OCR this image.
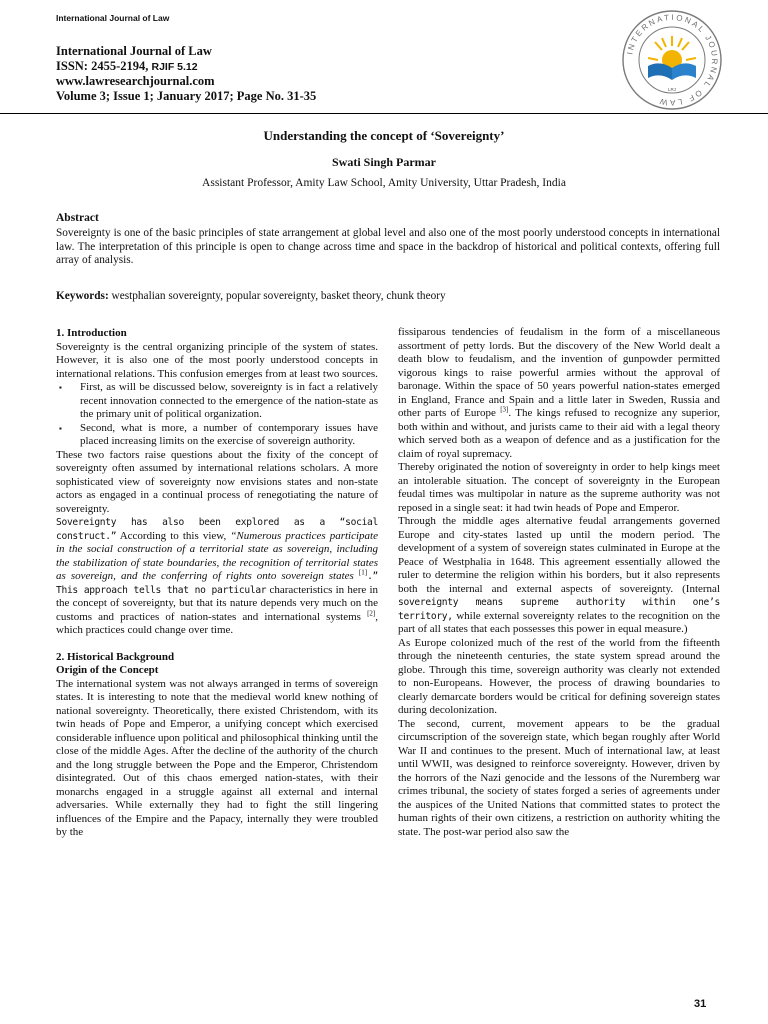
International Journal of Law
International Journal of Law
ISSN: 2455-2194, RJIF 5.12
www.lawresearchjournal.com
Volume 3; Issue 1; January 2017; Page No. 31-35
INTERNATIONAL JOURNAL OF LAW
LRJ
Understanding the concept of ‘Sovereignty’
Swati Singh Parmar
Assistant Professor, Amity Law School, Amity University, Uttar Pradesh, India
Abstract
Sovereignty is one of the basic principles of state arrangement at global level and also one of the most poorly understood concepts in international law. The interpretation of this principle is open to change across time and space in the backdrop of historical and political contexts, offering full array of analysis.
Keywords: westphalian sovereignty, popular sovereignty, basket theory, chunk theory

1. Introduction

Sovereignty is the central organizing principle of the system of states. However, it is also one of the most poorly understood concepts in international relations. This confusion emerges from at least two sources.

▪ First, as will be discussed below, sovereignty is in fact a relatively recent innovation connected to the emergence of the nation-state as the primary unit of political organization.

▪ Second, what is more, a number of contemporary issues have placed increasing limits on the exercise of sovereign authority.

These two factors raise questions about the fixity of the concept of sovereignty often assumed by international relations scholars. A more sophisticated view of sovereignty now envisions states and non-state actors as engaged in a continual process of renegotiating the nature of sovereignty.

Sovereignty has also been explored as a “social construct.” According to this view, “Numerous practices participate in the social construction of a territorial state as sovereign, including the stabilization of state boundaries, the recognition of territorial states as sovereign, and the conferring of rights onto sovereign states [1].” This approach tells that no particular characteristics in here in the concept of sovereignty, but that its nature depends very much on the customs and practices of nation-states and international systems [2], which practices could change over time.

2. Historical Background

Origin of the Concept

The international system was not always arranged in terms of sovereign states. It is interesting to note that the medieval world knew nothing of national sovereignty. Theoretically, there existed Christendom, with its twin heads of Pope and Emperor, a unifying concept which exercised considerable influence upon political and philosophical thinking until the close of the middle Ages. After the decline of the authority of the church and the long struggle between the Pope and the Emperor, Christendom disintegrated. Out of this chaos emerged nation-states, with their monarchs engaged in a struggle against all external and internal adversaries. While externally they had to fight the still lingering influences of the Empire and the Papacy, internally they were troubled by the

fissiparous tendencies of feudalism in the form of a miscellaneous assortment of petty lords. But the discovery of the New World dealt a death blow to feudalism, and the invention of gunpowder permitted vigorous kings to raise powerful armies without the approval of baronage. Within the space of 50 years powerful nation-states emerged in England, France and Spain and a little later in Sweden, Russia and other parts of Europe [3]. The kings refused to recognize any superior, both within and without, and jurists came to their aid with a legal theory which served both as a weapon of defence and as a justification for the claim of royal supremacy.

Thereby originated the notion of sovereignty in order to help kings meet an intolerable situation. The concept of sovereignty in the European feudal times was multipolar in nature as the supreme authority was not reposed in a single seat: it had twin heads of Pope and Emperor.

Through the middle ages alternative feudal arrangements governed Europe and city-states lasted up until the modern period. The development of a system of sovereign states culminated in Europe at the Peace of Westphalia in 1648. This agreement essentially allowed the ruler to determine the religion within his borders, but it also represents both the internal and external aspects of sovereignty. (Internal sovereignty means supreme authority within one’s territory, while external sovereignty relates to the recognition on the part of all states that each possesses this power in equal measure.)

As Europe colonized much of the rest of the world from the fifteenth through the nineteenth centuries, the state system spread around the globe. Through this time, sovereign authority was clearly not extended to non-Europeans. However, the process of drawing boundaries to clearly demarcate borders would be critical for defining sovereign states during decolonization.

The second, current, movement appears to be the gradual circumscription of the sovereign state, which began roughly after World War II and continues to the present. Much of international law, at least until WWII, was designed to reinforce sovereignty. However, driven by the horrors of the Nazi genocide and the lessons of the Nuremberg war crimes tribunal, the society of states forged a series of agreements under the auspices of the United Nations that committed states to protect the human rights of their own citizens, a restriction on authority whiting the state. The post-war period also saw the

31
